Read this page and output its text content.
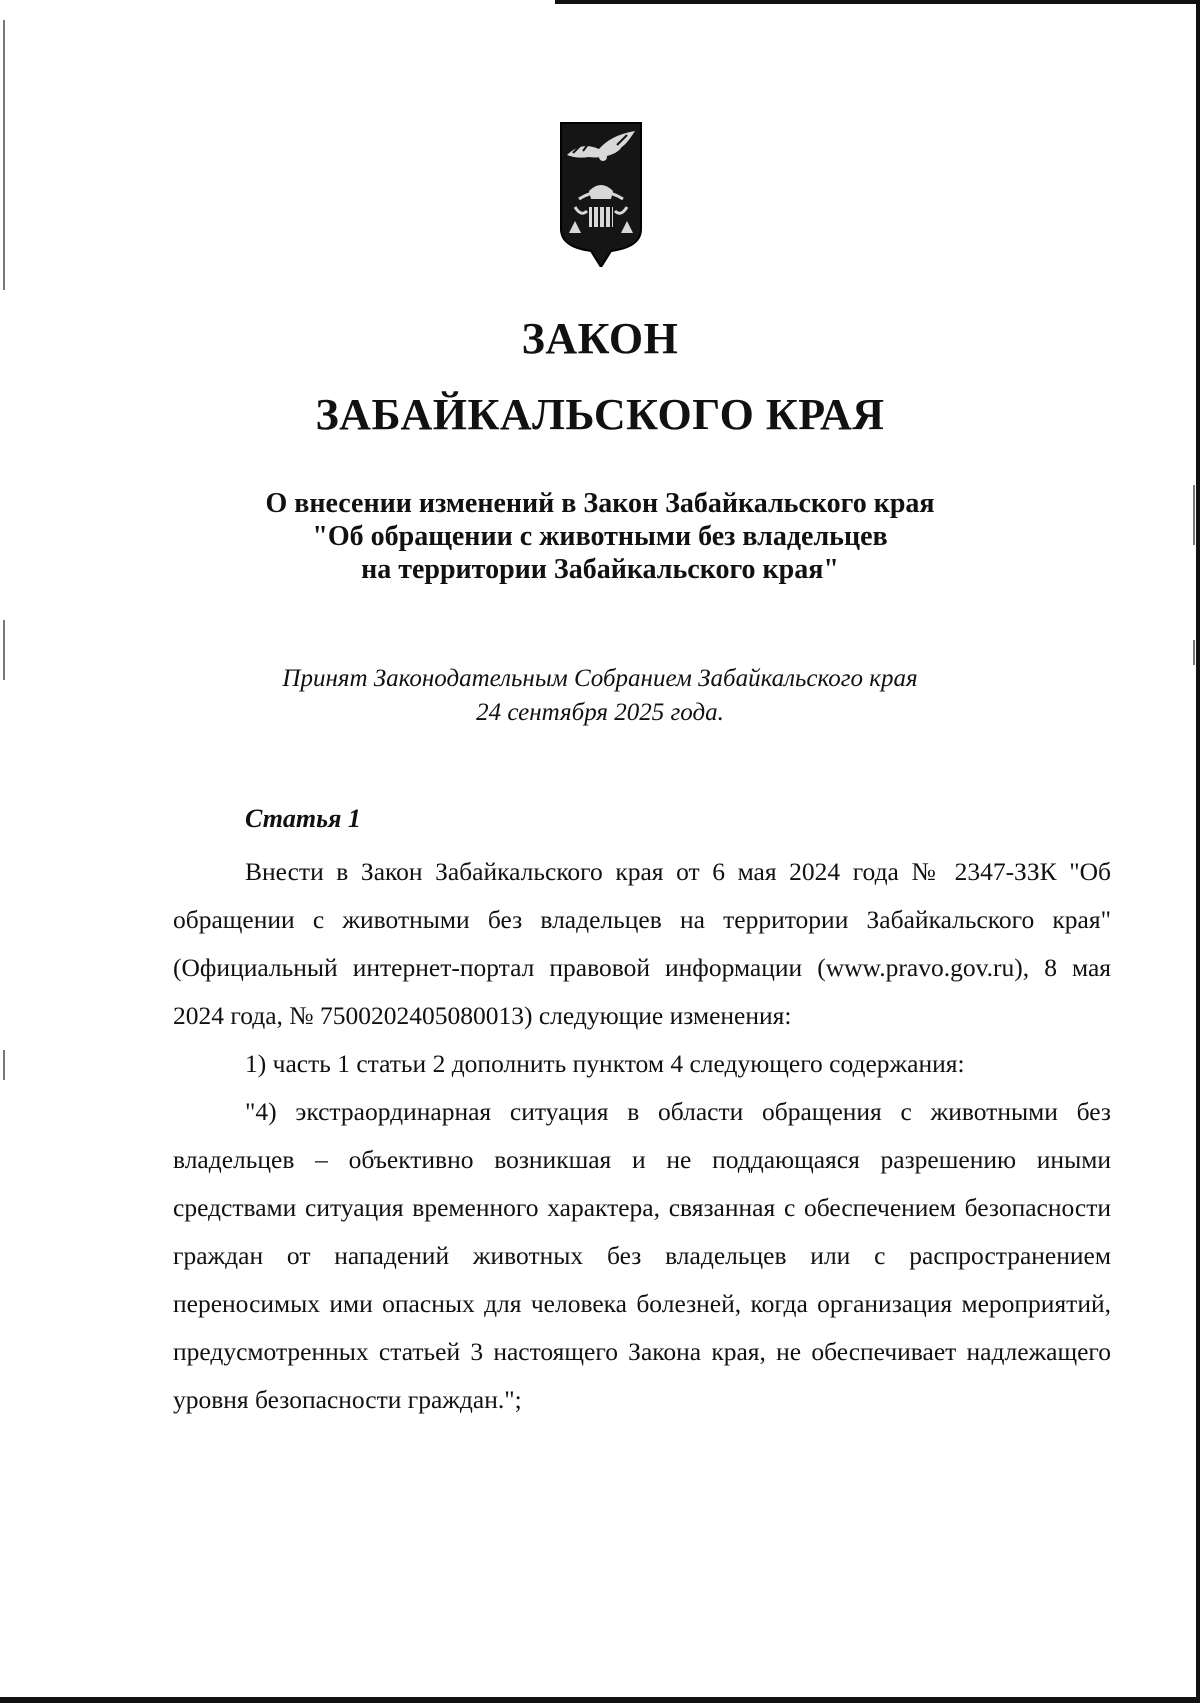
ЗАКОН
ЗАБАЙКАЛЬСКОГО КРАЯ
О внесении изменений в Закон Забайкальского края
"Об обращении с животными без владельцев
на территории Забайкальского края"
Принят Законодательным Собранием Забайкальского края
24 сентября 2025 года.
Статья 1

Внести в Закон Забайкальского края от 6 мая 2024 года № 2347-ЗЗК "Об обращении с животными без владельцев на территории Забайкальского края" (Официальный интернет-портал правовой информации (www.pravo.gov.ru), 8 мая 2024 года, № 7500202405080013) следующие изменения:

1) часть 1 статьи 2 дополнить пунктом 4 следующего содержания:

"4) экстраординарная ситуация в области обращения с животными без владельцев – объективно возникшая и не поддающаяся разрешению иными средствами ситуация временного характера, связанная с обеспечением безопасности граждан от нападений животных без владельцев или с распространением переносимых ими опасных для человека болезней, когда организация мероприятий, предусмотренных статьей 3 настоящего Закона края, не обеспечивает надлежащего уровня безопасности граждан.";
